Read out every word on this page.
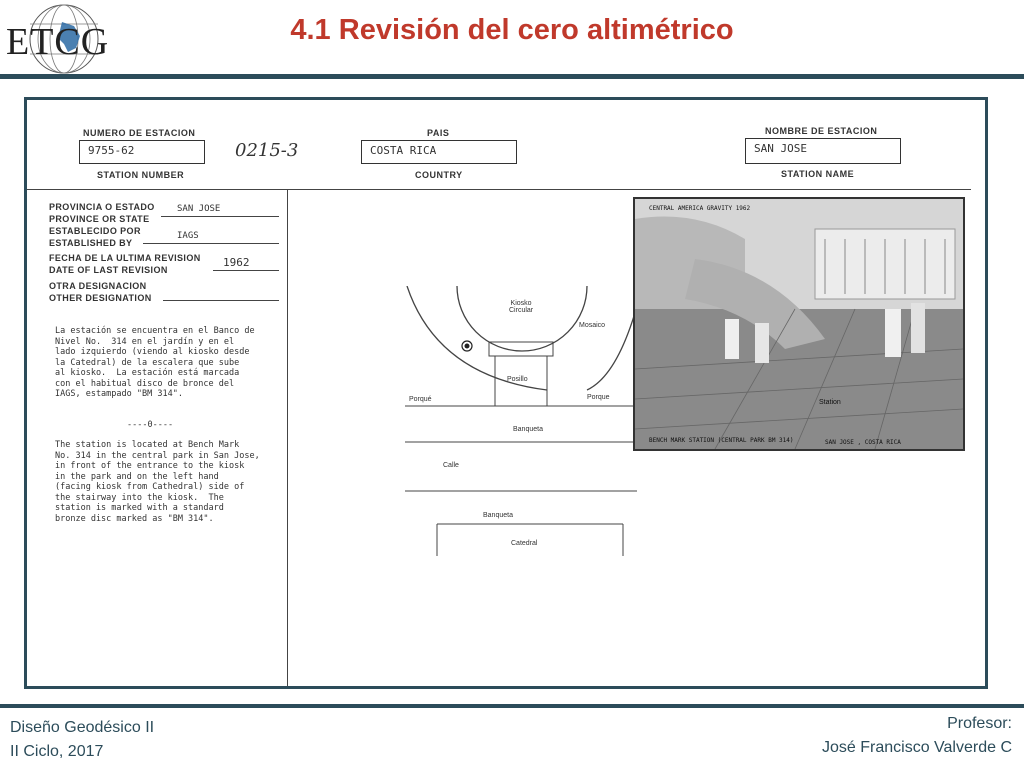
ETCG	4.1 Revisión del cero altimétrico
NUMERO DE ESTACION
9755-62
STATION NUMBER
0215-3
PAIS
COSTA RICA
COUNTRY
NOMBRE DE ESTACION
SAN JOSE
STATION NAME
PROVINCIA O ESTADO
PROVINCE OR STATE
SAN JOSE
ESTABLECIDO POR
ESTABLISHED BY
IAGS
FECHA DE LA ULTIMA REVISION
DATE OF LAST REVISION
1962
OTRA DESIGNACION
OTHER DESIGNATION
La estación se encuentra en el Banco de
Nivel No.  314 en el jardín y en el
lado izquierdo (viendo al kiosko desde
la Catedral) de la escalera que sube
al kiosko.  La estación está marcada
con el habitual disco de bronce del
IAGS, estampado "BM 314".
----0----
The station is located at Bench Mark
No. 314 in the central park in San Jose,
in front of the entrance to the kiosk
in the park and on the left hand
(facing kiosk from Cathedral) side of
the stairway into the kiosk.  The
station is marked with a standard
bronze disc marked as "BM 314".
Kiosko
Circular
Mosaico
Posillo
Porqué	Porque
Banqueta
Calle
Banqueta
Catedral
CENTRAL AMERICA GRAVITY 1962
Station
BENCH MARK STATION (CENTRAL PARK BM 314)	SAN JOSE , COSTA RICA
Diseño Geodésico II
II Ciclo, 2017
Profesor:
José Francisco Valverde C
